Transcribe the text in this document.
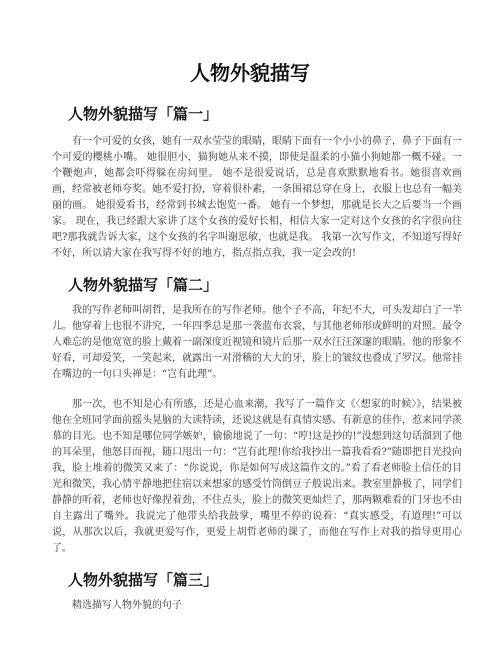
人物外貌描写
人物外貌描写「篇一」

有一个可爱的女孩，她有一双水莹莹的眼睛，眼睛下面有一个小小的鼻子，鼻子下面有一个可爱的樱桃小嘴。 她很胆小，猫狗她从来不摸，即使是温柔的小猫小狗她都一概不碰。一个鞭炮声，她都会吓得躲在房间里。 她不是很爱说话，总是喜欢默默地看书。她很喜欢画画，经常被老师夸奖。她不爱打扮，穿着很朴素，一条围裙总穿在身上，衣服上也总有一幅美丽的画。 她很爱看书，经常到书城去饱览一番。 她有一个梦想，那就是长大之后要当一个画家。 现在，我已经跟大家讲了这个女孩的爱好长相，相信大家一定对这个女孩的名字很向往吧?那我就告诉大家，这个女孩的名字叫谢思敏，也就是我。 我第一次写作文，不知道写得好不好，所以请大家在我写得不好的地方，指点指点我，我一定会改的!

人物外貌描写「篇二」

我的写作老师叫胡哲，是我所在的写作老师。他个子不高，年纪不大，可头发却白了一半儿。他穿着上也很不讲究，一年四季总是那一袭蓝布衣裳，与其他老师形成鲜明的对照。最令人难忘的是他宽宽的脸上戴着一副深度近视镜和镜片后那一双水汪汪深邃的眼睛。他的形象不好看，可却爱笑，一笑起来，就露出一对滑稽的大大的牙，脸上的皱纹也叠成了罗汉。他常挂在嘴边的一句口头禅是：“岂有此理”。

那一次，也不知是心有所感，还是心血来潮，我写了一篇作文《〈想家的时候〉》，结果被他在全班同学面前摇头晃脑的大读特读，还说这就是有真情实感、有新意的佳作，惹来同学羡慕的目光。也不知是哪位同学嫉妒，偷偷地说了一句：“哼!这是抄的!”没想到这句话溜到了他的耳朵里，他怒目而视，随口甩出一句：“岂有此理!你给我抄出一篇我看看?”随即把目光投向我，脸上堆着的微笑又来了：“你说说，你是如何写成这篇作文的。”看了看老师脸上信任的目光和微笑，我心情平静地把住宿以来想家的感受竹筒倒豆子般说出来。教室里静极了，同学们静静的听着，老师也好像捏着劲，不住点头，脸上的微笑更灿烂了，那两颗难看的门牙也不由自主露出了嘴外。我说完了他带头给我鼓掌，嘴里不停的说着：“真实感受，有道理!”可以说，从那次以后，我就更爱写作，更爱上胡哲老师的课了，而他在写作上对我的指导更用心了。

人物外貌描写「篇三」

精选描写人物外貌的句子
